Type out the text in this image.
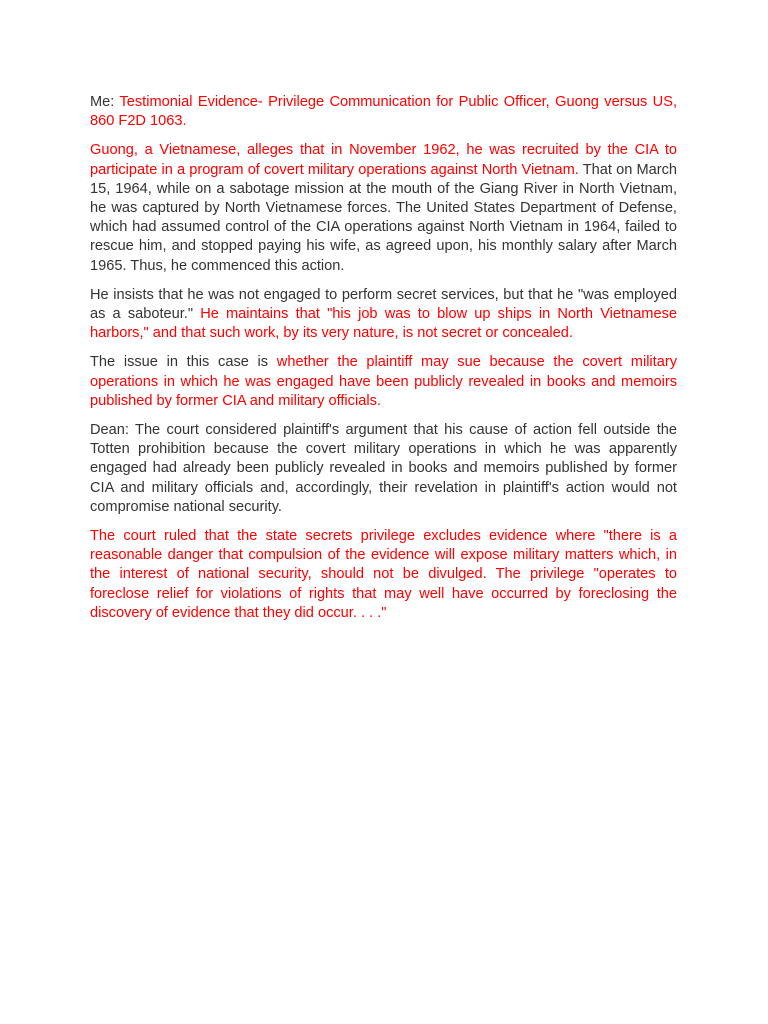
Me: Testimonial Evidence- Privilege Communication for Public Officer, Guong versus US, 860 F2D 1063.

Guong, a Vietnamese, alleges that in November 1962, he was recruited by the CIA to participate in a program of covert military operations against North Vietnam. That on March 15, 1964, while on a sabotage mission at the mouth of the Giang River in North Vietnam, he was captured by North Vietnamese forces. The United States Department of Defense, which had assumed control of the CIA operations against North Vietnam in 1964, failed to rescue him, and stopped paying his wife, as agreed upon, his monthly salary after March 1965. Thus, he commenced this action.

He insists that he was not engaged to perform secret services, but that he "was employed as a saboteur." He maintains that "his job was to blow up ships in North Vietnamese harbors," and that such work, by its very nature, is not secret or concealed.

The issue in this case is whether the plaintiff may sue because the covert military operations in which he was engaged have been publicly revealed in books and memoirs published by former CIA and military officials.

Dean: The court considered plaintiff's argument that his cause of action fell outside the Totten prohibition because the covert military operations in which he was apparently engaged had already been publicly revealed in books and memoirs published by former CIA and military officials and, accordingly, their revelation in plaintiff's action would not compromise national security.

The court ruled that the state secrets privilege excludes evidence where "there is a reasonable danger that compulsion of the evidence will expose military matters which, in the interest of national security, should not be divulged. The privilege "operates to foreclose relief for violations of rights that may well have occurred by foreclosing the discovery of evidence that they did occur. . . ."
